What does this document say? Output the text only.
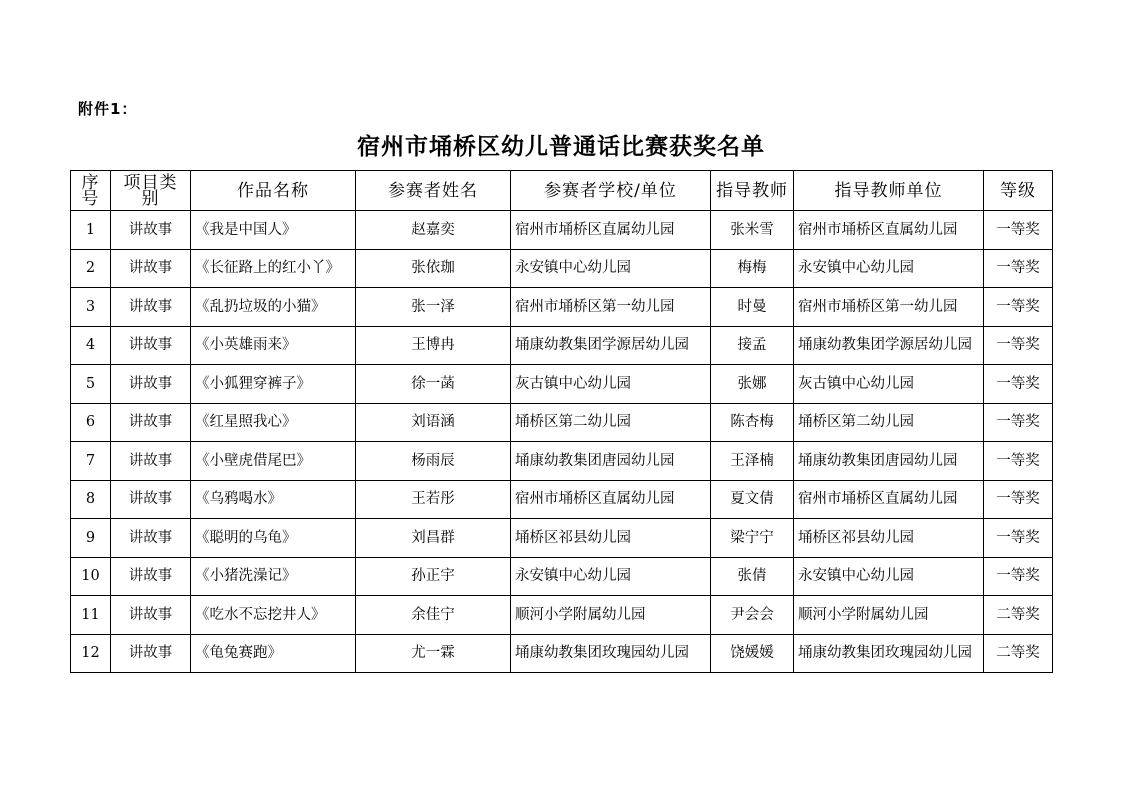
附件1：
宿州市埇桥区幼儿普通话比赛获奖名单
序号	项目类别	作品名称	参赛者姓名	参赛者学校/单位	指导教师	指导教师单位	等级
1	讲故事	《我是中国人》	赵嘉奕	宿州市埇桥区直属幼儿园	张米雪	宿州市埇桥区直属幼儿园	一等奖
2	讲故事	《长征路上的红小丫》	张依珈	永安镇中心幼儿园	梅梅	永安镇中心幼儿园	一等奖
3	讲故事	《乱扔垃圾的小猫》	张一泽	宿州市埇桥区第一幼儿园	时曼	宿州市埇桥区第一幼儿园	一等奖
4	讲故事	《小英雄雨来》	王博冉	埇康幼教集团学源居幼儿园	接孟	埇康幼教集团学源居幼儿园	一等奖
5	讲故事	《小狐狸穿裤子》	徐一菡	灰古镇中心幼儿园	张娜	灰古镇中心幼儿园	一等奖
6	讲故事	《红星照我心》	刘语涵	埇桥区第二幼儿园	陈杏梅	埇桥区第二幼儿园	一等奖
7	讲故事	《小壁虎借尾巴》	杨雨辰	埇康幼教集团唐园幼儿园	王泽楠	埇康幼教集团唐园幼儿园	一等奖
8	讲故事	《乌鸦喝水》	王若彤	宿州市埇桥区直属幼儿园	夏文倩	宿州市埇桥区直属幼儿园	一等奖
9	讲故事	《聪明的乌龟》	刘昌群	埇桥区祁县幼儿园	梁宁宁	埇桥区祁县幼儿园	一等奖
10	讲故事	《小猪洗澡记》	孙正宇	永安镇中心幼儿园	张倩	永安镇中心幼儿园	一等奖
11	讲故事	《吃水不忘挖井人》	余佳宁	顺河小学附属幼儿园	尹会会	顺河小学附属幼儿园	二等奖
12	讲故事	《龟兔赛跑》	尤一霖	埇康幼教集团玫瑰园幼儿园	饶媛媛	埇康幼教集团玫瑰园幼儿园	二等奖
